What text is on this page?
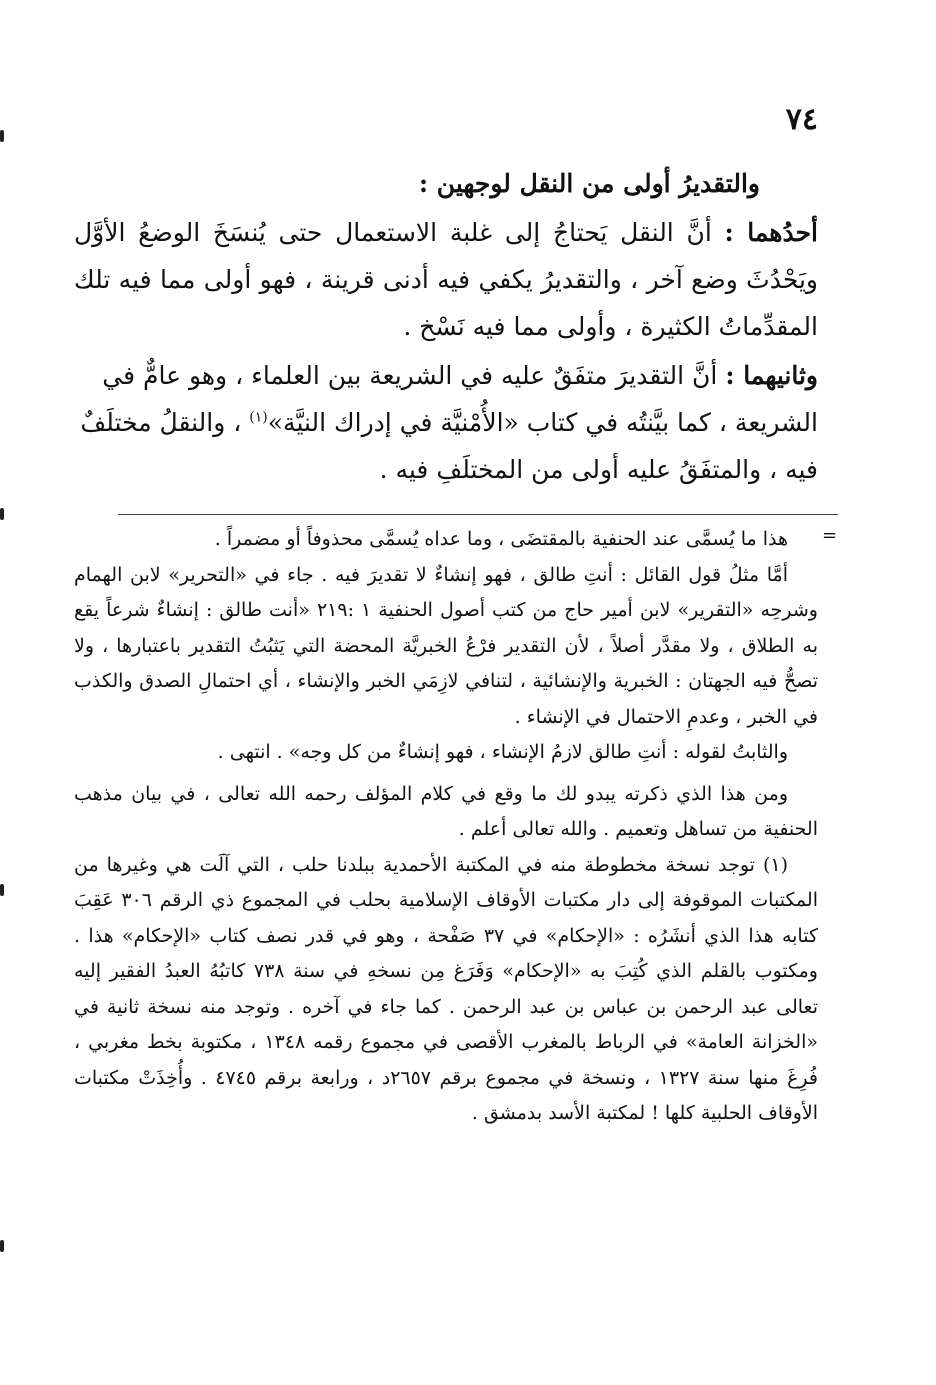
٧٤

والتقديرُ أولى من النقل لوجهين :

أحدُهما : أنَّ النقل يَحتاجُ إلى غلبة الاستعمال حتى يُنسَخَ الوضعُ الأوَّل ويَحْدُثَ وضع آخر ، والتقديرُ يكفي فيه أدنى قرينة ، فهو أولى مما فيه تلك المقدِّماتُ الكثيرة ، وأولى مما فيه نَسْخ .

وثانيهما : أنَّ التقديرَ متفَقٌ عليه في الشريعة بين العلماء ، وهو عامٌّ في الشريعة ، كما بيَّنتُه في كتاب «الأُمْنيَّة في إدراك النيَّة»$^{(١)}$ ، والنقلُ مختلَفٌ فيه ، والمتفَقُ عليه أولى من المختلَفِ فيه .

=

هذا ما يُسمَّى عند الحنفية بالمقتضَى ، وما عداه يُسمَّى محذوفاً أو مضمراً .

أمَّا مثلُ قول القائل : أنتِ طالق ، فهو إنشاءٌ لا تقديرَ فيه . جاء في «التحرير» لابن الهمام وشرحِه «التقرير» لابن أمير حاج من كتب أصول الحنفية ١ :٢١٩ «أنت طالق : إنشاءٌ شرعاً يقع به الطلاق ، ولا مقدَّر أصلاً ، لأن التقدير فرْعُ الخبريَّة المحضة التي يَثبُتُ التقدير باعتبارها ، ولا تصحُّ فيه الجهتان : الخبرية والإنشائية ، لتنافي لازِمَي الخبر والإنشاء ، أي احتمالِ الصدق والكذب في الخبر ، وعدمِ الاحتمال في الإنشاء .

والثابتُ لقوله : أنتِ طالق لازمُ الإنشاء ، فهو إنشاءٌ من كل وجه» . انتهى .

ومن هذا الذي ذكرته يبدو لك ما وقع في كلام المؤلف رحمه الله تعالى ، في بيان مذهب الحنفية من تساهل وتعميم . والله تعالى أعلم .

(١) توجد نسخة مخطوطة منه في المكتبة الأحمدية ببلدنا حلب ، التي آلَت هي وغيرها من المكتبات الموقوفة إلى دار مكتبات الأوقاف الإسلامية بحلب في المجموع ذي الرقم ٣٠٦ عَقِبَ كتابه هذا الذي أنشَرُه : «الإحكام» في ٣٧ صَفْحة ، وهو في قدر نصف كتاب «الإحكام» هذا . ومكتوب بالقلم الذي كُتِبَ به «الإحكام» وَفَرَغ مِن نسخهِ في سنة ٧٣٨ كاتبُهُ العبدُ الفقير إليه تعالى عبد الرحمن بن عباس بن عبد الرحمن . كما جاء في آخره . وتوجد منه نسخة ثانية في «الخزانة العامة» في الرباط بالمغرب الأقصى في مجموع رقمه ١٣٤٨ ، مكتوبة بخط مغربي ، فُرِغَ منها سنة ١٣٢٧ ، ونسخة في مجموع برقم ٢٦٥٧د ، ورابعة برقم ٤٧٤٥ . وأُخِذَتْ مكتبات الأوقاف الحلبية كلها ! لمكتبة الأسد بدمشق .
